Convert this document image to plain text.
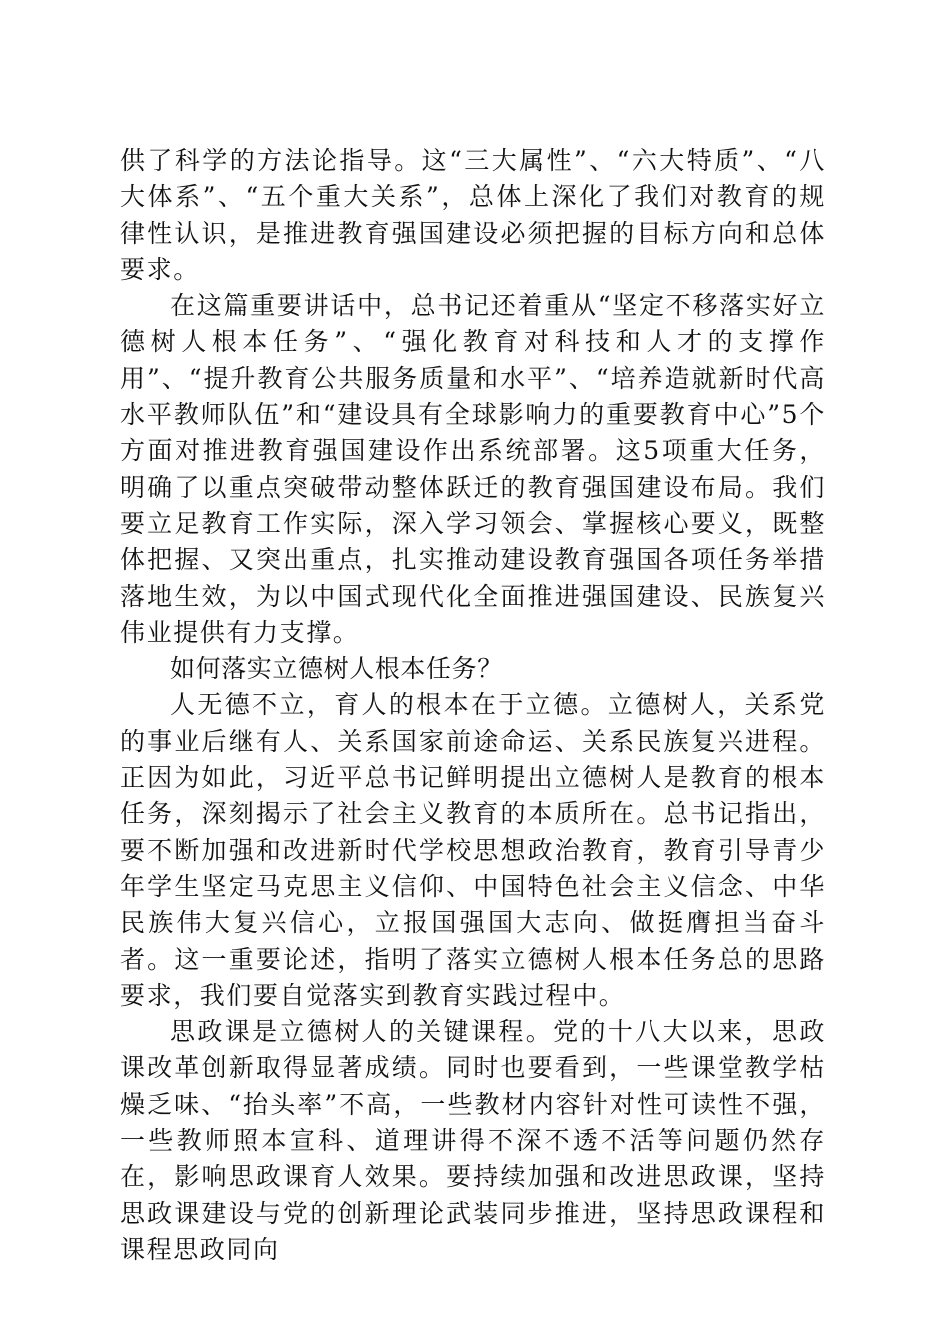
供了科学的方法论指导。这“三大属性”、“六大特质”、“八大体系”、“五个重大关系”，总体上深化了我们对教育的规律性认识，是推进教育强国建设必须把握的目标方向和总体要求。

在这篇重要讲话中，总书记还着重从“坚定不移落实好立德树人根本任务”、“强化教育对科技和人才的支撑作用”、“提升教育公共服务质量和水平”、“培养造就新时代高水平教师队伍”和“建设具有全球影响力的重要教育中心”5个方面对推进教育强国建设作出系统部署。这5项重大任务，明确了以重点突破带动整体跃迁的教育强国建设布局。我们要立足教育工作实际，深入学习领会、掌握核心要义，既整体把握、又突出重点，扎实推动建设教育强国各项任务举措落地生效，为以中国式现代化全面推进强国建设、民族复兴伟业提供有力支撑。

如何落实立德树人根本任务？

人无德不立，育人的根本在于立德。立德树人，关系党的事业后继有人、关系国家前途命运、关系民族复兴进程。正因为如此，习近平总书记鲜明提出立德树人是教育的根本任务，深刻揭示了社会主义教育的本质所在。总书记指出，要不断加强和改进新时代学校思想政治教育，教育引导青少年学生坚定马克思主义信仰、中国特色社会主义信念、中华民族伟大复兴信心，立报国强国大志向、做挺膺担当奋斗者。这一重要论述，指明了落实立德树人根本任务总的思路要求，我们要自觉落实到教育实践过程中。

思政课是立德树人的关键课程。党的十八大以来，思政课改革创新取得显著成绩。同时也要看到，一些课堂教学枯燥乏味、“抬头率”不高，一些教材内容针对性可读性不强，一些教师照本宣科、道理讲得不深不透不活等问题仍然存在，影响思政课育人效果。要持续加强和改进思政课，坚持思政课建设与党的创新理论武装同步推进，坚持思政课程和课程思政同向
